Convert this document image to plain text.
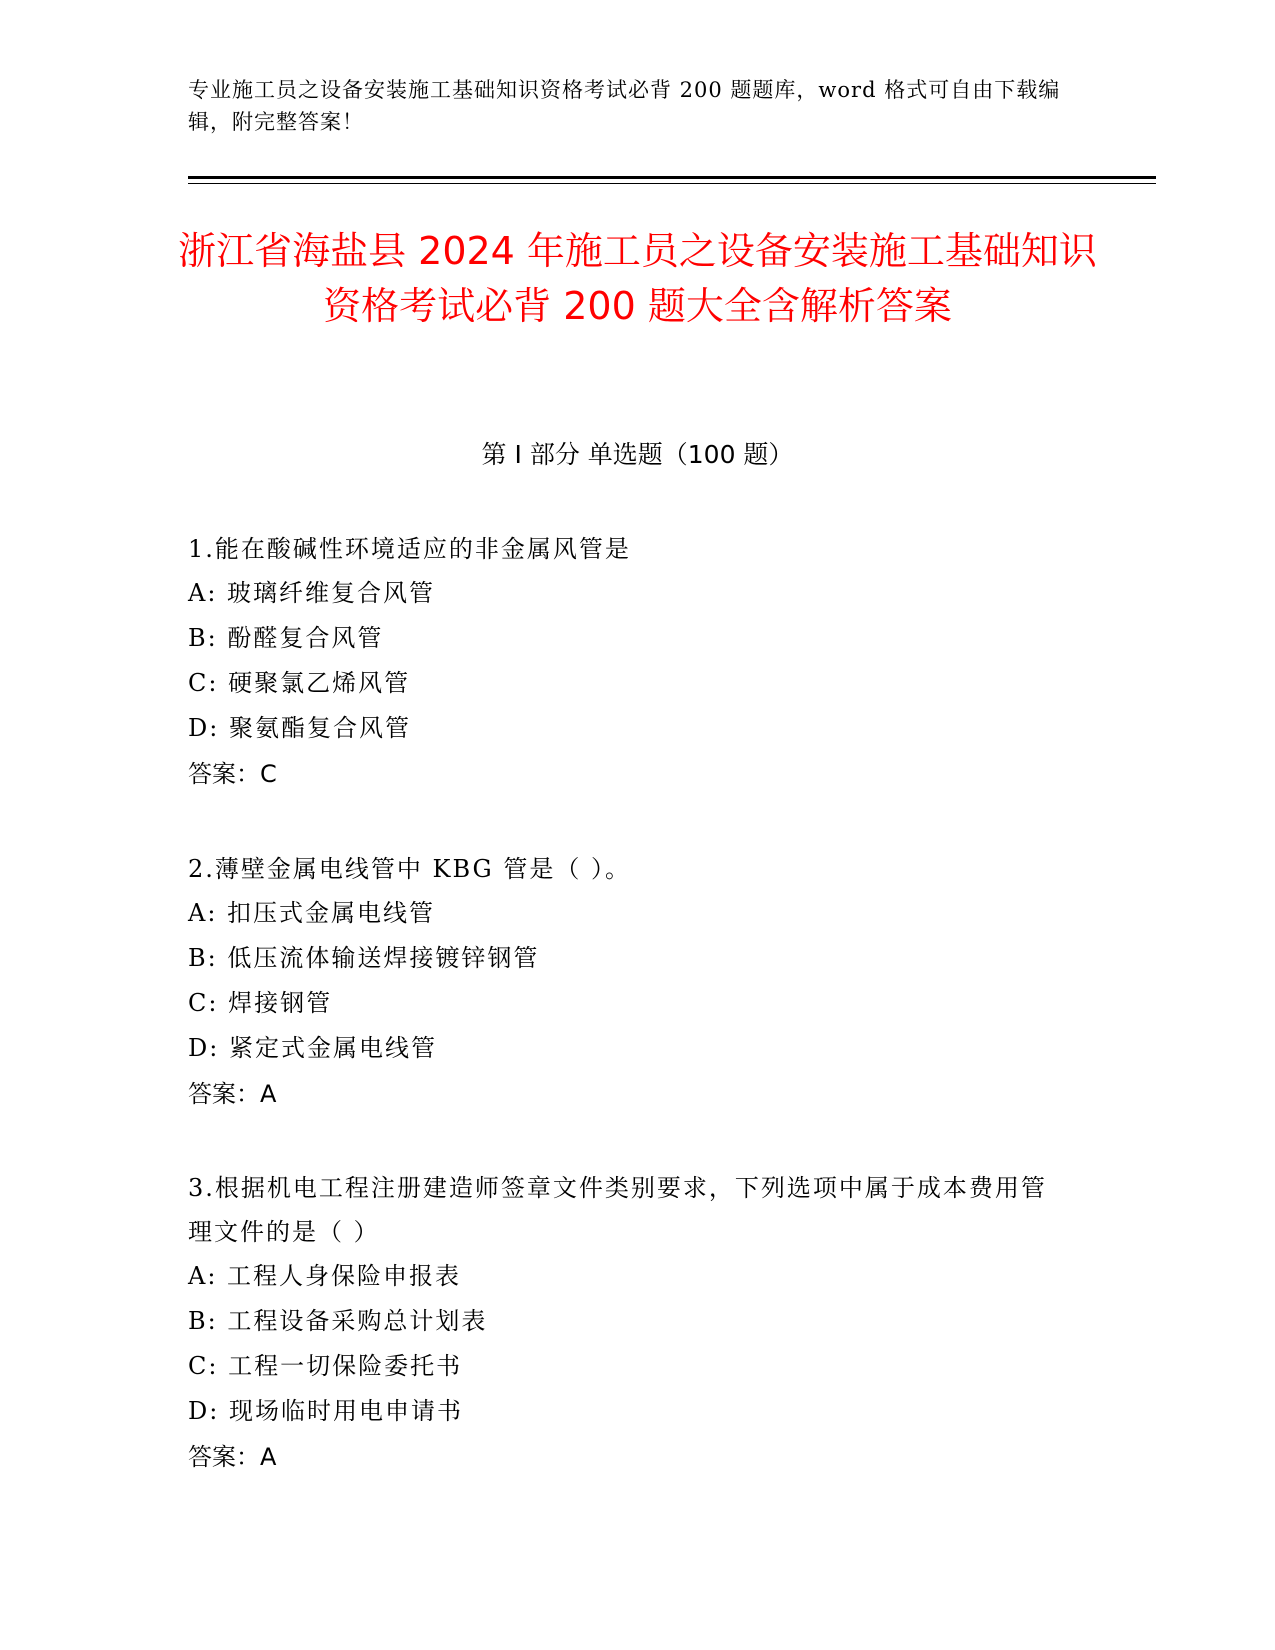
专业施工员之设备安装施工基础知识资格考试必背 200 题题库，word 格式可自由下载编辑，附完整答案！
浙江省海盐县 2024 年施工员之设备安装施工基础知识资格考试必背 200 题大全含解析答案
第 I 部分 单选题（100 题）
1.能在酸碱性环境适应的非金属风管是
A: 玻璃纤维复合风管
B: 酚醛复合风管
C: 硬聚氯乙烯风管
D: 聚氨酯复合风管
答案：C
2.薄壁金属电线管中 KBG 管是（ ）。
A: 扣压式金属电线管
B: 低压流体输送焊接镀锌钢管
C: 焊接钢管
D: 紧定式金属电线管
答案：A
3.根据机电工程注册建造师签章文件类别要求，下列选项中属于成本费用管理文件的是（ ）
A: 工程人身保险申报表
B: 工程设备采购总计划表
C: 工程一切保险委托书
D: 现场临时用电申请书
答案：A
